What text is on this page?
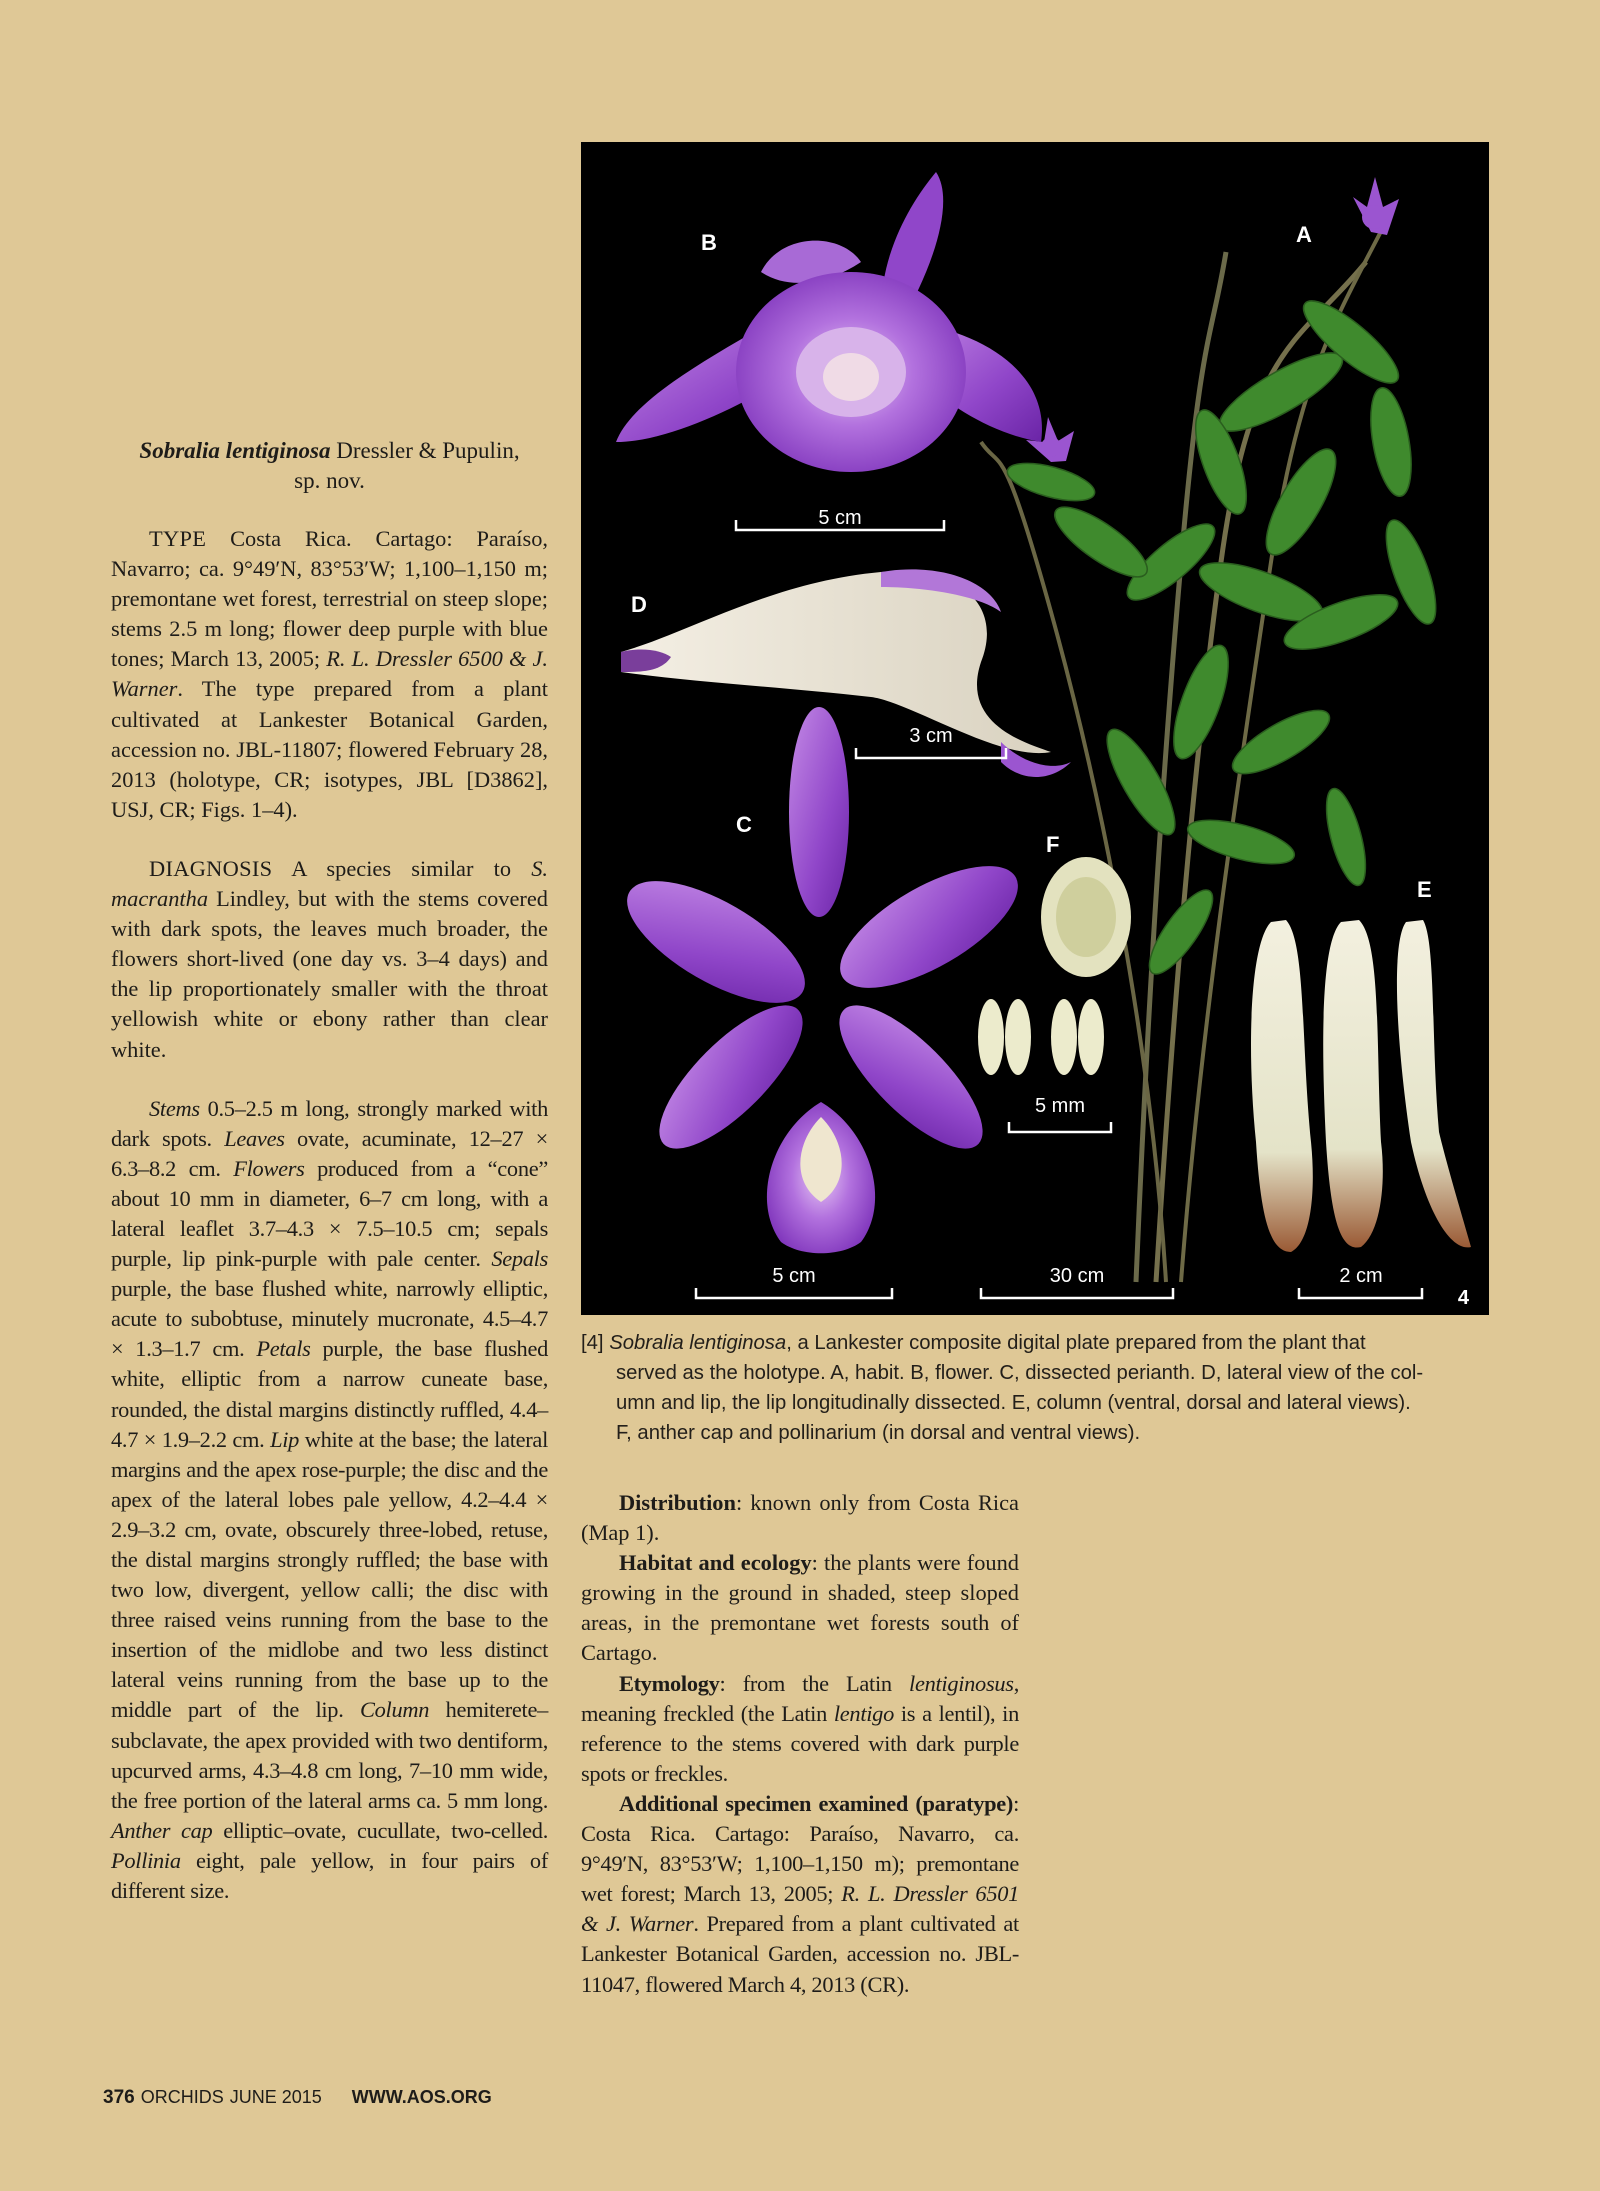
Sobralia lentiginosa Dressler & Pupulin,
sp. nov.

TYPE Costa Rica. Cartago: Paraíso, Navarro; ca. 9°49′N, 83°53′W; 1,100–1,150 m; premontane wet forest, terrestrial on steep slope; stems 2.5 m long; flower deep purple with blue tones; March 13, 2005; R. L. Dressler 6500 & J. Warner. The type prepared from a plant cultivated at Lankester Botanical Garden, accession no. JBL-11807; flowered February 28, 2013 (holotype, CR; isotypes, JBL [D3862], USJ, CR; Figs. 1–4).

DIAGNOSIS A species similar to S. macrantha Lindley, but with the stems covered with dark spots, the leaves much broader, the flowers short-lived (one day vs. 3–4 days) and the lip proportionately smaller with the throat yellowish white or ebony rather than clear white.

Stems 0.5–2.5 m long, strongly marked with dark spots. Leaves ovate, acuminate, 12–27 × 6.3–8.2 cm. Flowers produced from a “cone” about 10 mm in diameter, 6–7 cm long, with a lateral leaflet 3.7–4.3 × 7.5–10.5 cm; sepals purple, lip pink-purple with pale center. Sepals purple, the base flushed white, narrowly elliptic, acute to subobtuse, minutely mucronate, 4.5–4.7 × 1.3–1.7 cm. Petals purple, the base flushed white, elliptic from a narrow cuneate base, rounded, the distal margins distinctly ruffled, 4.4–4.7 × 1.9–2.2 cm. Lip white at the base; the lateral margins and the apex rose-purple; the disc and the apex of the lateral lobes pale yellow, 4.2–4.4 × 2.9–3.2 cm, ovate, obscurely three-lobed, retuse, the distal margins strongly ruffled; the base with two low, divergent, yellow calli; the disc with three raised veins running from the base to the insertion of the midlobe and two less distinct lateral veins running from the base up to the middle part of the lip. Column hemiterete–subclavate, the apex provided with two dentiform, upcurved arms, 4.3–4.8 cm long, 7–10 mm wide, the free portion of the lateral arms ca. 5 mm long. Anther cap elliptic–ovate, cucullate, two-celled. Pollinia eight, pale yellow, in four pairs of different size.

B	A
D
C
F
E
5 cm
3 cm
5 mm
5 cm	30 cm	2 cm
4
[4] Sobralia lentiginosa, a Lankester composite digital plate prepared from the plant that
served as the holotype. A, habit. B, flower. C, dissected perianth. D, lateral view of the col-
umn and lip, the lip longitudinally dissected. E, column (ventral, dorsal and lateral views).
F, anther cap and pollinarium (in dorsal and ventral views).

Distribution: known only from Costa Rica (Map 1).

Habitat and ecology: the plants were found growing in the ground in shaded, steep sloped areas, in the premontane wet forests south of Cartago.

Etymology: from the Latin lentiginosus, meaning freckled (the Latin lentigo is a lentil), in reference to the stems covered with dark purple spots or freckles.

Additional specimen examined (paratype): Costa Rica. Cartago: Paraíso, Navarro, ca. 9°49′N, 83°53′W; 1,100–1,150 m); premontane wet forest; March 13, 2005; R. L. Dressler 6501 & J. Warner. Prepared from a plant cultivated at Lankester Botanical Garden, accession no. JBL-11047, flowered March 4, 2013 (CR).

376 ORCHIDS JUNE 2015 WWW.AOS.ORG
